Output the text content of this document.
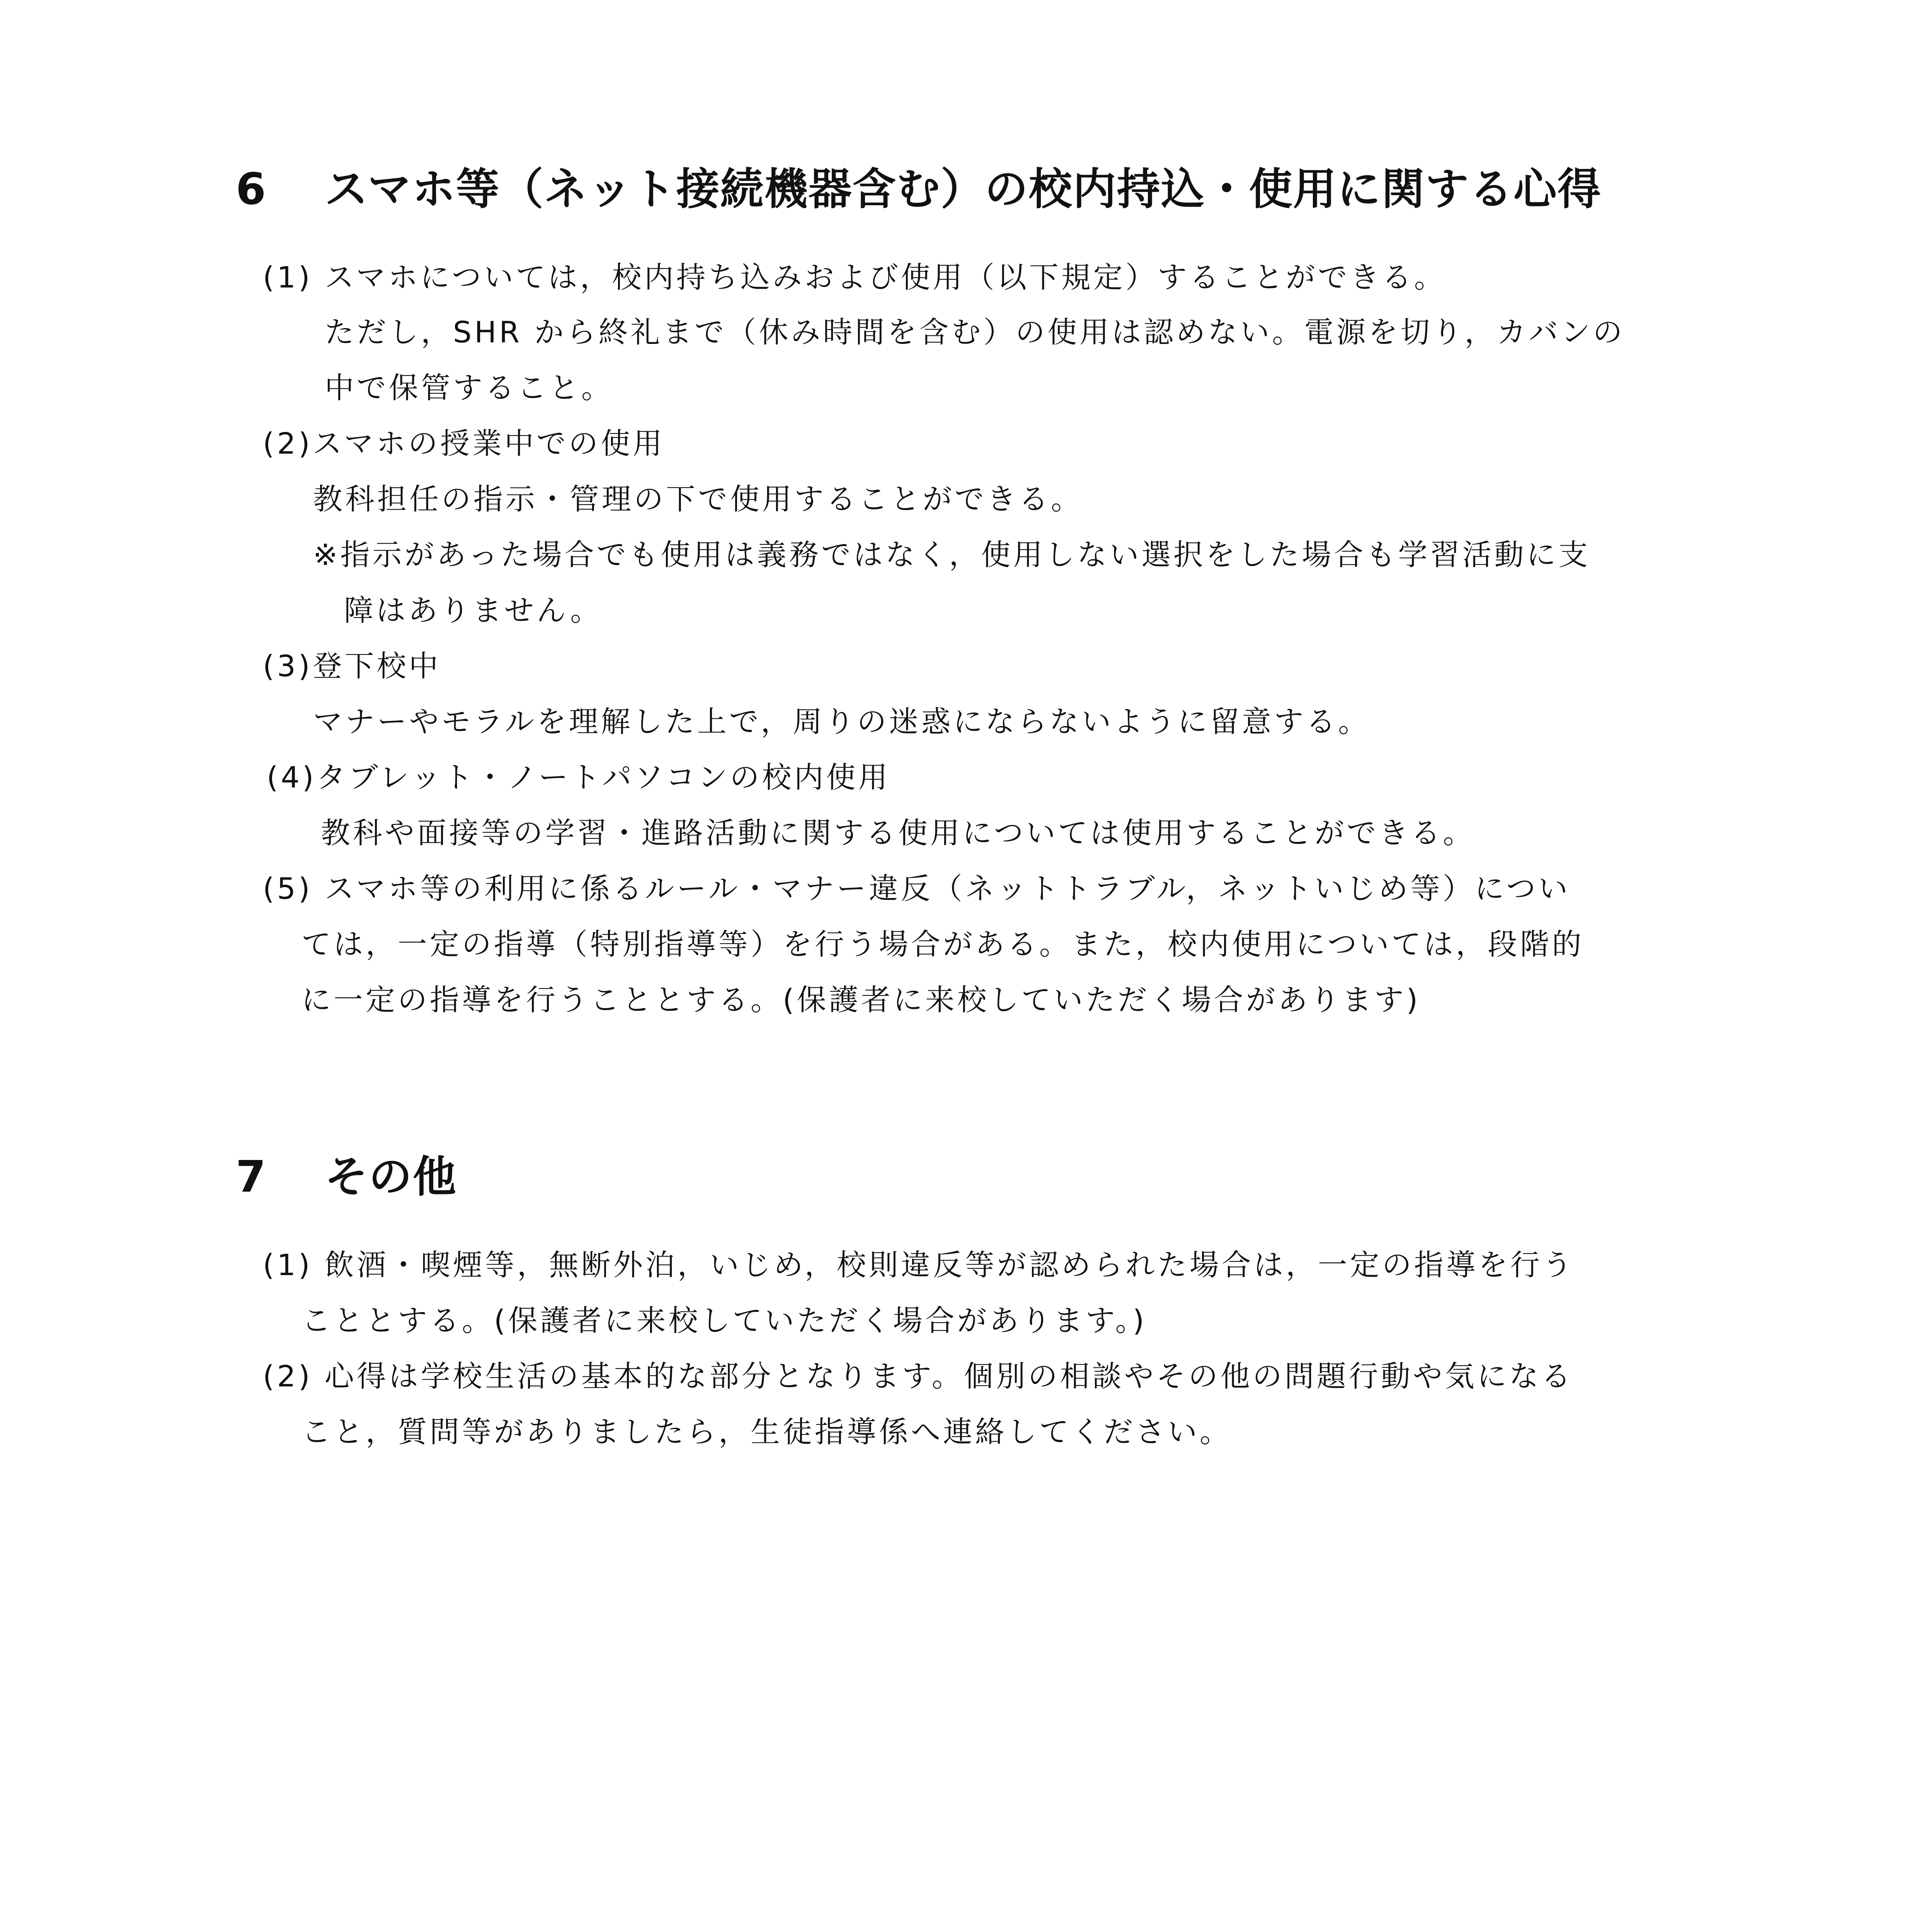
6 スマホ等（ネット接続機器含む）の校内持込・使用に関する心得
(1) スマホについては，校内持ち込みおよび使用（以下規定）することができる。
ただし，SHR から終礼まで（休み時間を含む）の使用は認めない。電源を切り，カバンの
中で保管すること。
(2)スマホの授業中での使用
教科担任の指示・管理の下で使用することができる。
※指示があった場合でも使用は義務ではなく，使用しない選択をした場合も学習活動に支
障はありません。
(3)登下校中
マナーやモラルを理解した上で，周りの迷惑にならないように留意する。
(4)タブレット・ノートパソコンの校内使用
教科や面接等の学習・進路活動に関する使用については使用することができる。
(5) スマホ等の利用に係るルール・マナー違反（ネットトラブル，ネットいじめ等）につい
ては，一定の指導（特別指導等）を行う場合がある。また，校内使用については，段階的
に一定の指導を行うこととする。(保護者に来校していただく場合があります)
7 その他
(1) 飲酒・喫煙等，無断外泊，いじめ，校則違反等が認められた場合は，一定の指導を行う
こととする。(保護者に来校していただく場合があります。)
(2) 心得は学校生活の基本的な部分となります。個別の相談やその他の問題行動や気になる
こと，質問等がありましたら，生徒指導係へ連絡してください。
